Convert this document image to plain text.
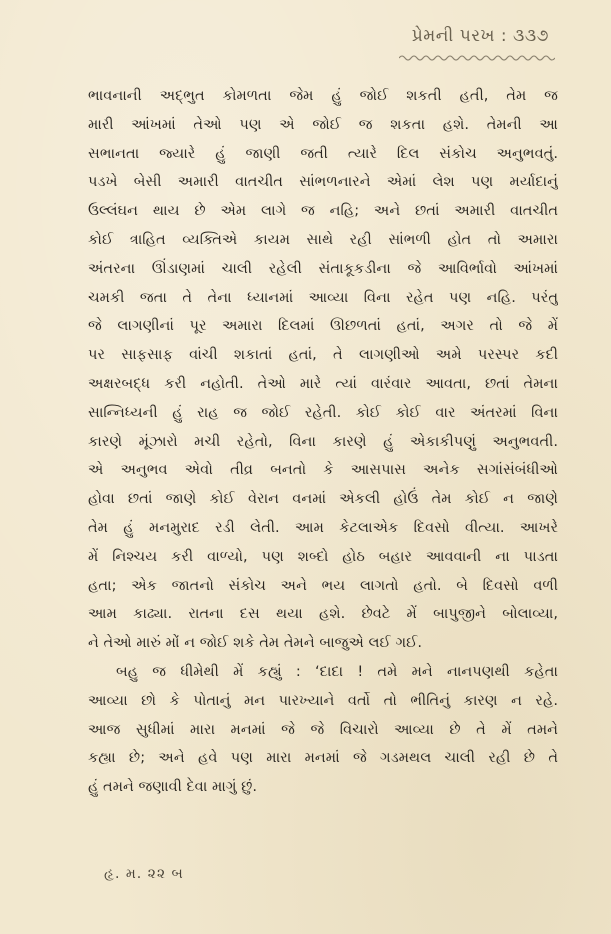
પ્રેમની પરખ : ૩૩૭
ભાવનાની અદ્ભુત કોમળતા જેમ હું જોઈ શકતી હતી, તેમ જ
મારી આંખમાં તેઓ પણ એ જોઈ જ શકતા હશે. તેમની આ
સભાનતા જ્યારે હું જાણી જતી ત્યારે દિલ સંકોચ અનુભવતું.
પડખે બેસી અમારી વાતચીત સાંભળનારને એમાં લેશ પણ મર્યાદાનું
ઉલ્લંઘન થાય છે એમ લાગે જ નહિ; અને છતાં અમારી વાતચીત
કોઈ ત્રાહિત વ્યક્તિએ કાયમ સાથે રહી સાંભળી હોત તો અમારા
અંતરના ઊંડાણમાં ચાલી રહેલી સંતાકૂકડીના જે આવિર્ભાવો આંખમાં
ચમકી જતા તે તેના ધ્યાનમાં આવ્યા વિના રહેત પણ નહિ. પરંતુ
જે લાગણીનાં પૂર અમારા દિલમાં ઊછળતાં હતાં, અગર તો જે મેં
પર સાફસાફ વાંચી શકાતાં હતાં, તે લાગણીઓ અમે પરસ્પર કદી
અક્ષરબદ્ધ કરી નહોતી. તેઓ મારે ત્યાં વારંવાર આવતા, છતાં તેમના
સાન્નિધ્યની હું રાહ જ જોઈ રહેતી. કોઈ કોઈ વાર અંતરમાં વિના
કારણે મૂંઝારો મચી રહેતો, વિના કારણે હું એકાકીપણું અનુભવતી.
એ અનુભવ એવો તીવ્ર બનતો કે આસપાસ અનેક સગાંસંબંધીઓ
હોવા છતાં જાણે કોઈ વેરાન વનમાં એકલી હોઉં તેમ કોઈ ન જાણે
તેમ હું મનમુરાદ રડી લેતી. આમ કેટલાએક દિવસો વીત્યા. આખરે
મેં નિશ્ચય કરી વાળ્યો, પણ શબ્દો હોઠ બહાર આવવાની ના પાડતા
હતા; એક જાતનો સંકોચ અને ભય લાગતો હતો. બે દિવસો વળી
આમ કાઢ્યા. રાતના દસ થયા હશે. છેવટે મેં બાપુજીને બોલાવ્યા,
ને તેઓ મારું મોં ન જોઈ શકે તેમ તેમને બાજુએ લઈ ગઈ.
બહુ જ ધીમેથી મેં કહ્યું : ‘દાદા ! તમે મને નાનપણથી કહેતા
આવ્યા છો કે પોતાનું મન પારખ્યાને વર્તો તો ભીતિનું કારણ ન રહે.
આજ સુધીમાં મારા મનમાં જે જે વિચારો આવ્યા છે તે મેં તમને
કહ્યા છે; અને હવે પણ મારા મનમાં જે ગડમથલ ચાલી રહી છે તે
હું તમને જણાવી દેવા માગું છું.
હૃ. મ. ૨૨ બ
